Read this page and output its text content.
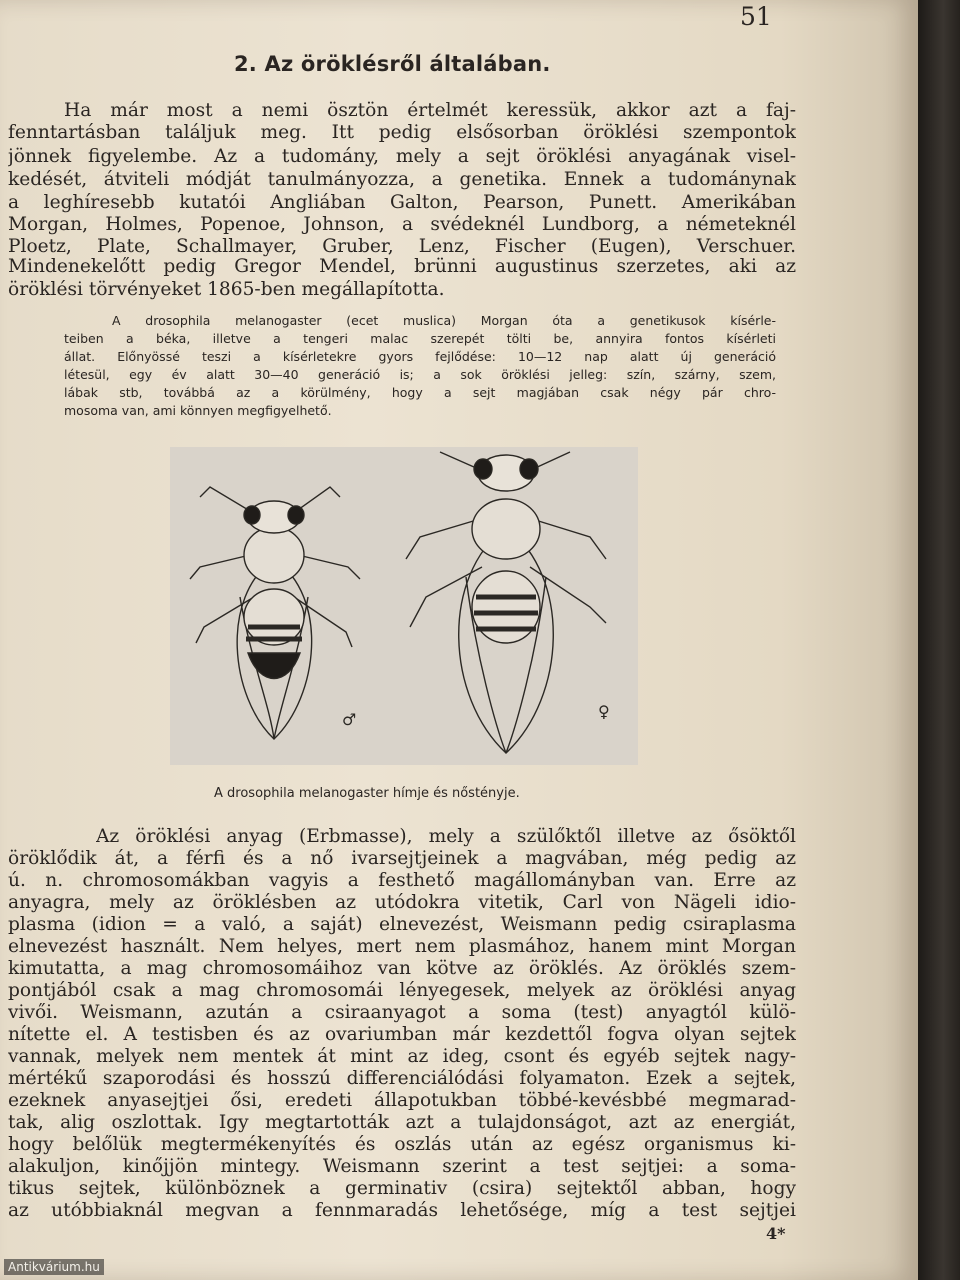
51
2. Az öröklésről általában.
Ha már most a nemi ösztön értelmét keressük, akkor azt a faj-
fenntartásban találjuk meg. Itt pedig elsősorban öröklési szempontok
jönnek figyelembe. Az a tudomány, mely a sejt öröklési anyagának visel-
kedését, átviteli módját tanulmányozza, a genetika. Ennek a tudománynak
a leghíresebb kutatói Angliában Galton, Pearson, Punett. Amerikában
Morgan, Holmes, Popenoe, Johnson, a svédeknél Lundborg, a németeknél
Ploetz, Plate, Schallmayer, Gruber, Lenz, Fischer (Eugen), Verschuer.
Mindenekelőtt pedig Gregor Mendel, brünni augustinus szerzetes, aki az
öröklési törvényeket 1865-ben megállapította.
A drosophila melanogaster (ecet muslica) Morgan óta a genetikusok kísérle-
teiben a béka, illetve a tengeri malac szerepét tölti be, annyira fontos kísérleti
állat. Előnyössé teszi a kísérletekre gyors fejlődése: 10—12 nap alatt új generáció
létesül, egy év alatt 30—40 generáció is; a sok öröklési jelleg: szín, szárny, szem,
lábak stb, továbbá az a körülmény, hogy a sejt magjában csak négy pár chro-
mosoma van, ami könnyen megfigyelhető.
♂	♀
A drosophila melanogaster hímje és nőstényje.
Az öröklési anyag (Erbmasse), mely a szülőktől illetve az ősöktől
öröklődik át, a férfi és a nő ivarsejtjeinek a magvában, még pedig az
ú. n. chromosomákban vagyis a festhető magállományban van. Erre az
anyagra, mely az öröklésben az utódokra vitetik, Carl von Nägeli idio-
plasma (idion = a való, a saját) elnevezést, Weismann pedig csiraplasma
elnevezést használt. Nem helyes, mert nem plasmához, hanem mint Morgan
kimutatta, a mag chromosomáihoz van kötve az öröklés. Az öröklés szem-
pontjából csak a mag chromosomái lényegesek, melyek az öröklési anyag
vivői. Weismann, azután a csiraanyagot a soma (test) anyagtól külö-
nítette el. A testisben és az ovariumban már kezdettől fogva olyan sejtek
vannak, melyek nem mentek át mint az ideg, csont és egyéb sejtek nagy-
mértékű szaporodási és hosszú differenciálódási folyamaton. Ezek a sejtek,
ezeknek anyasejtjei ősi, eredeti állapotukban többé-kevésbbé megmarad-
tak, alig oszlottak. Igy megtartották azt a tulajdonságot, azt az energiát,
hogy belőlük megtermékenyítés és oszlás után az egész organismus ki-
alakuljon, kinőjjön mintegy. Weismann szerint a test sejtjei: a soma-
tikus sejtek, különböznek a germinativ (csira) sejtektől abban, hogy
az utóbbiaknál megvan a fennmaradás lehetősége, míg a test sejtjei
4*
Antikvárium.hu
